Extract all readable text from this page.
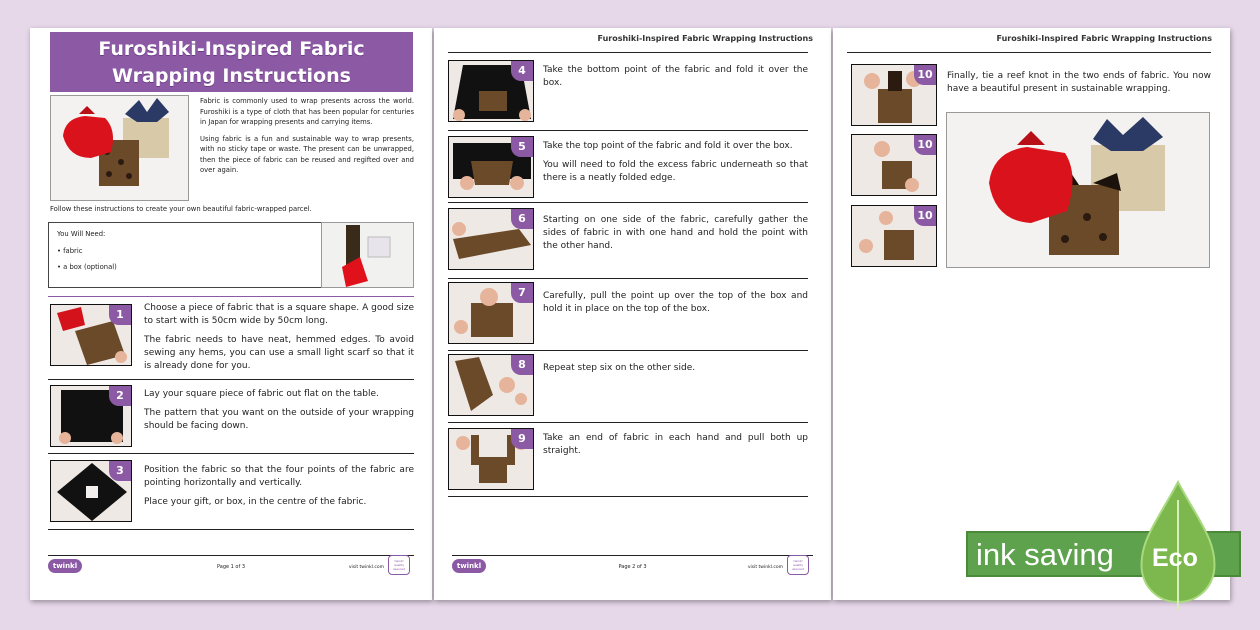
Furoshiki-Inspired Fabric
Wrapping Instructions

Fabric is commonly used to wrap presents across the world. Furoshiki is a type of cloth that has been popular for centuries in Japan for wrapping presents and carrying items.

Using fabric is a fun and sustainable way to wrap presents, with no sticky tape or waste. The present can be unwrapped, then the piece of fabric can be reused and regifted over and over again.

Follow these instructions to create your own beautiful fabric-wrapped parcel.

You Will Need:

• fabric

• a box (optional)

1	Choose a piece of fabric that is a square shape. A good size to start with is 50cm wide by 50cm long.

The fabric needs to have neat, hemmed edges. To avoid sewing any hems, you can use a small light scarf so that it is already done for you.

2	Lay your square piece of fabric out flat on the table.

The pattern that you want on the outside of your wrapping should be facing down.

3	Position the fabric so that the four points of the fabric are pointing horizontally and vertically.

Place your gift, or box, in the centre of the fabric.

twinkl	Page 1 of 3	visit twinkl.com
twinkl quality assured
Furoshiki-Inspired Fabric Wrapping Instructions
4	Take the bottom point of the fabric and fold it over the box.

5	Take the top point of the fabric and fold it over the box.

You will need to fold the excess fabric underneath so that there is a neatly folded edge.

6	Starting on one side of the fabric, carefully gather the sides of fabric in with one hand and hold the point with the other hand.

7	Carefully, pull the point up over the top of the box and hold it in place on the top of the box.

8	Repeat step six on the other side.

9	Take an end of fabric in each hand and pull both up straight.

twinkl	Page 2 of 3	visit twinkl.com
twinkl quality assured
Furoshiki-Inspired Fabric Wrapping Instructions
10
10
10
Finally, tie a reef knot in the two ends of fabric. You now have a beautiful present in sustainable wrapping.
ink saving Eco
